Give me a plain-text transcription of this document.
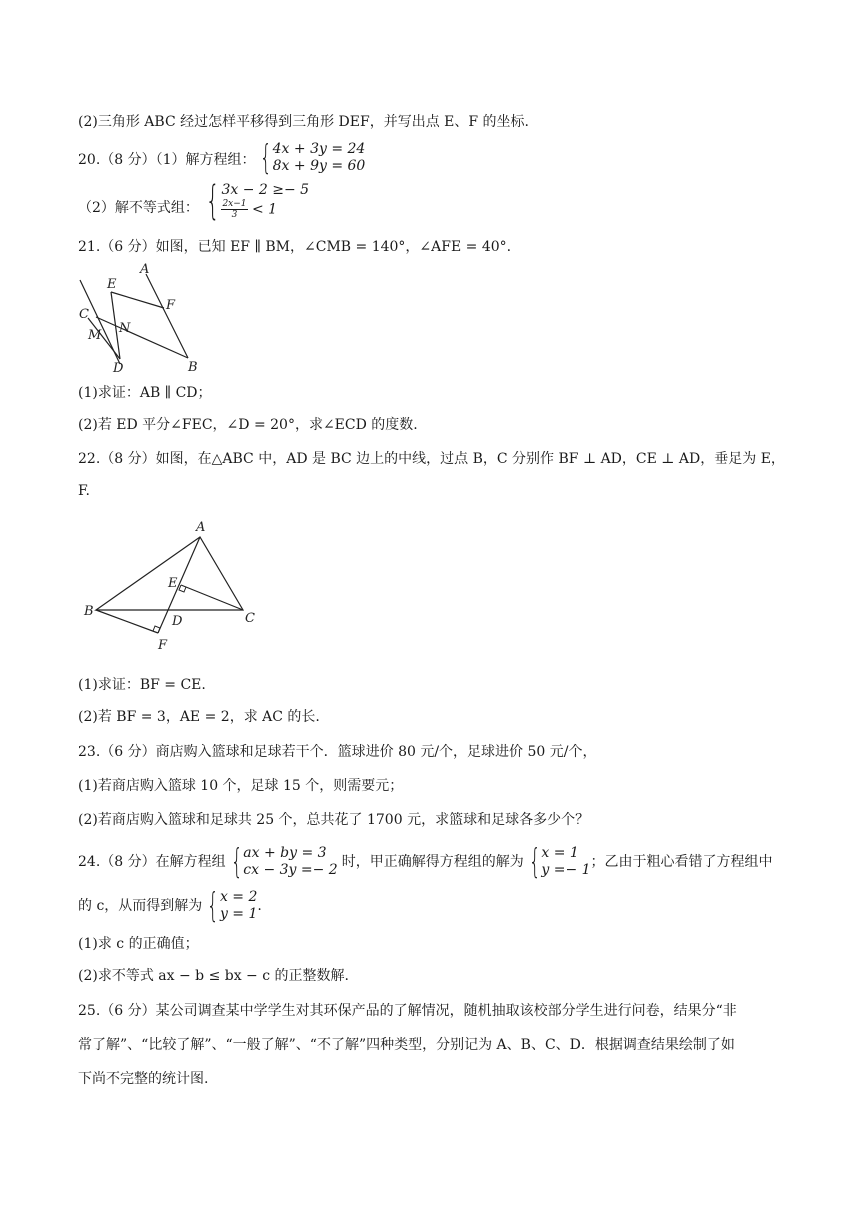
(2)三角形 ABC 经过怎样平移得到三角形 DEF，并写出点 E、F 的坐标.
20.（8 分）（1）解方程组： { 4x + 3y = 24
8x + 9y = 60
（2）解不等式组： { 3x − 2 ≥− 5
$\frac{2x-1}{3} < 1$
21.（6 分）如图，已知 EF ∥ BM，∠CMB = 140°，∠AFE = 40°.
A
E
F
C
N
M
B
D
(1)求证：AB ∥ CD；
(2)若 ED 平分∠FEC，∠D = 20°，求∠ECD 的度数.
22.（8 分）如图，在△ABC 中，AD 是 BC 边上的中线，过点 B，C 分别作 BF ⊥ AD，CE ⊥ AD，垂足为 E，
F.
A
E
B
D	C
F
(1)求证：BF = CE.
(2)若 BF = 3，AE = 2，求 AC 的长.
23.（6 分）商店购入篮球和足球若干个．篮球进价 80 元/个，足球进价 50 元/个，
(1)若商店购入篮球 10 个，足球 15 个，则需要元；
(2)若商店购入篮球和足球共 25 个，总共花了 1700 元，求篮球和足球各多少个？
24.（8 分）在解方程组 { ax + by = 3
cx − 3y =− 2 时，甲正确解得方程组的解为 { x = 1
y =− 1 ；乙由于粗心看错了方程组中
的 c，从而得到解为 { x = 2
y = 1 .
(1)求 c 的正确值；
(2)求不等式 ax − b ≤ bx − c 的正整数解.
25.（6 分）某公司调查某中学学生对其环保产品的了解情况，随机抽取该校部分学生进行问卷，结果分“非
常了解”、“比较了解”、“一般了解”、“不了解”四种类型，分别记为 A、B、C、D．根据调查结果绘制了如
下尚不完整的统计图.
